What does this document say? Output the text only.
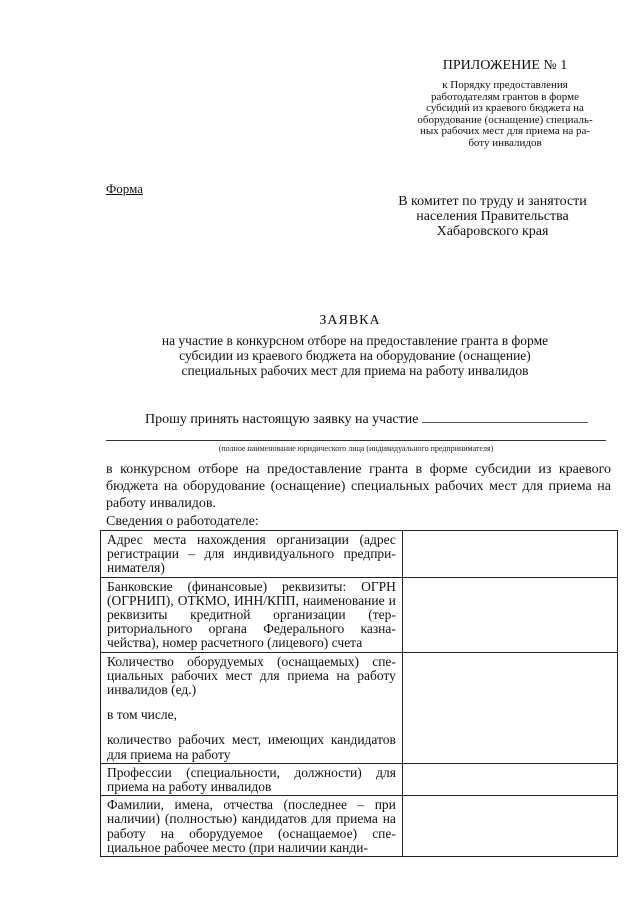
ПРИЛОЖЕНИЕ № 1
к Порядку предоставления
работодателям грантов в форме
субсидий из краевого бюджета на
оборудование (оснащение) специаль-
ных рабочих мест для приема на ра-
боту инвалидов
Форма
В комитет по труду и занятости
населения Правительства
Хабаровского края
ЗАЯВКА
на участие в конкурсном отборе на предоставление гранта в форме
субсидии из краевого бюджета на оборудование (оснащение)
специальных рабочих мест для приема на работу инвалидов
Прошу принять настоящую заявку на участие
(полное наименование юридического лица (индивидуального предпринимателя)
в конкурсном отборе на предоставление гранта в форме субсидии из краевого бюджета на оборудование (оснащение) специальных рабочих мест для приема на работу инвалидов.
Сведения о работодателе:
Адрес места нахождения организации (адрес регистрации – для индивидуального предпринимателя)	
Банковские (финансовые) реквизиты: ОГРН (ОГРНИП), ОТКМО, ИНН/КПП, наименование и реквизиты кредитной организации (территориального органа Федерального казначейства), номер расчетного (лицевого) счета	

Количество оборудуемых (оснащаемых) специальных рабочих мест для приема на работу инвалидов (ед.)
в том числе,
количество рабочих мест, имеющих кандидатов для приема на работу	

Профессии (специальности, должности) для приема на работу инвалидов	
Фамилии, имена, отчества (последнее – при наличии) (полностью) кандидатов для приема на работу на оборудуемое (оснащаемое) специальное рабочее место (при наличии канди-	
